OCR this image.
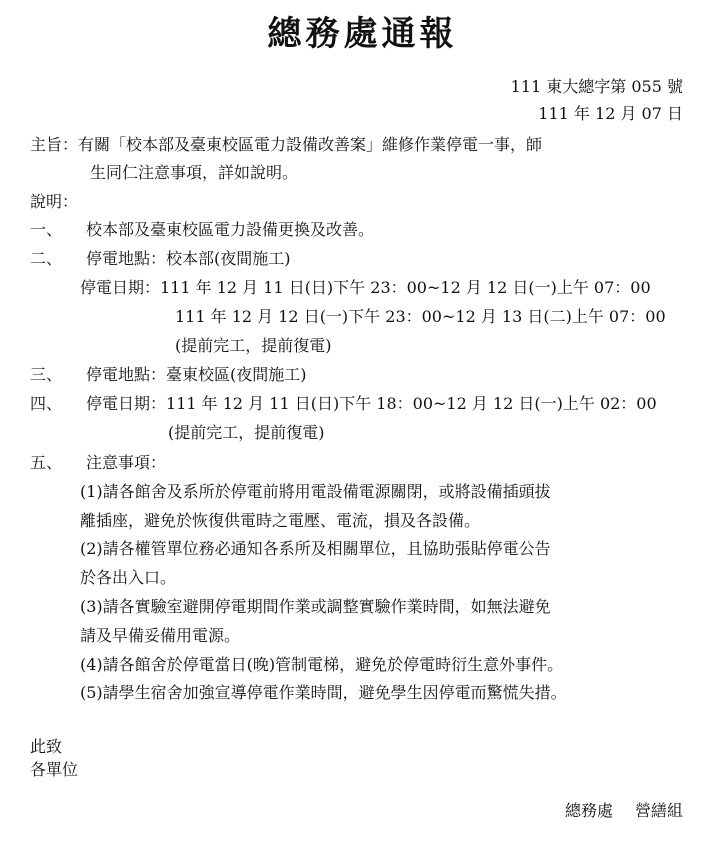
總務處通報
111 東大總字第 055 號
111 年 12 月 07 日
主旨：有關「校本部及臺東校區電力設備改善案」維修作業停電一事，師
生同仁注意事項，詳如說明。
說明：
一、 校本部及臺東校區電力設備更換及改善。
二、 停電地點：校本部(夜間施工)
停電日期：111 年 12 月 11 日(日)下午 23：00~12 月 12 日(一)上午 07：00
111 年 12 月 12 日(一)下午 23：00~12 月 13 日(二)上午 07：00
(提前完工，提前復電)
三、 停電地點：臺東校區(夜間施工)
四、 停電日期：111 年 12 月 11 日(日)下午 18：00~12 月 12 日(一)上午 02：00
(提前完工，提前復電)
五、 注意事項：
(1)請各館舍及系所於停電前將用電設備電源關閉，或將設備插頭拔
離插座，避免於恢復供電時之電壓、電流，損及各設備。
(2)請各權管單位務必通知各系所及相關單位，且協助張貼停電公告
於各出入口。
(3)請各實驗室避開停電期間作業或調整實驗作業時間，如無法避免
請及早備妥備用電源。
(4)請各館舍於停電當日(晚)管制電梯，避免於停電時衍生意外事件。
(5)請學生宿舍加強宣導停電作業時間，避免學生因停電而驚慌失措。
此致
各單位
總務處 營繕組
